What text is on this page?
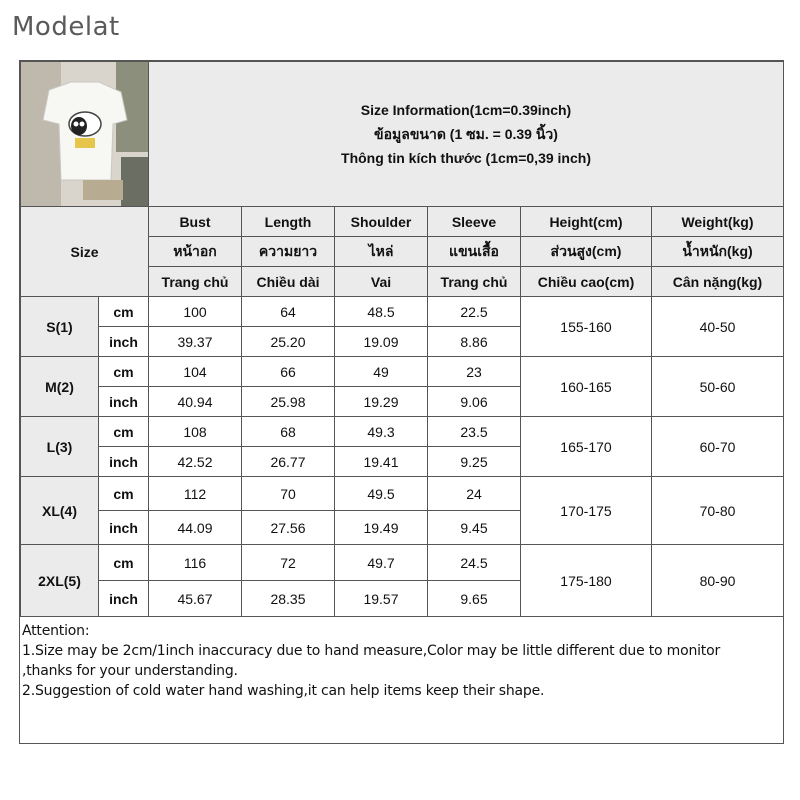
Modelat

Size Information(1cm=0.39inch)
ข้อมูลขนาด (1 ซม. = 0.39 นิ้ว)
Thông tin kích thước (1cm=0,39 inch)					

Size		Bust	Length	Shoulder	Sleeve	Height(cm)	Weight(kg)
		หน้าอก	ความยาว	ไหล่	แขนเสื้อ	ส่วนสูง(cm)	น้ำหนัก(kg)
		Trang chủ	Chiều dài	Vai	Trang chủ	Chiều cao(cm)	Cân nặng(kg)
S(1)	cm	100	64	48.5	22.5	155-160	40-50
	inch	39.37	25.20	19.09	8.86		
M(2)	cm	104	66	49	23	160-165	50-60
	inch	40.94	25.98	19.29	9.06		
L(3)	cm	108	68	49.3	23.5	165-170	60-70
	inch	42.52	26.77	19.41	9.25		
XL(4)	cm	112	70	49.5	24	170-175	70-80
	inch	44.09	27.56	19.49	9.45		
2XL(5)	cm	116	72	49.7	24.5	175-180	80-90
	inch	45.67	28.35	19.57	9.65		
Attention:
1.Size may be 2cm/1inch inaccuracy due to hand measure,Color may be little different due to monitor
,thanks for your understanding.
2.Suggestion of cold water hand washing,it can help items keep their shape.
